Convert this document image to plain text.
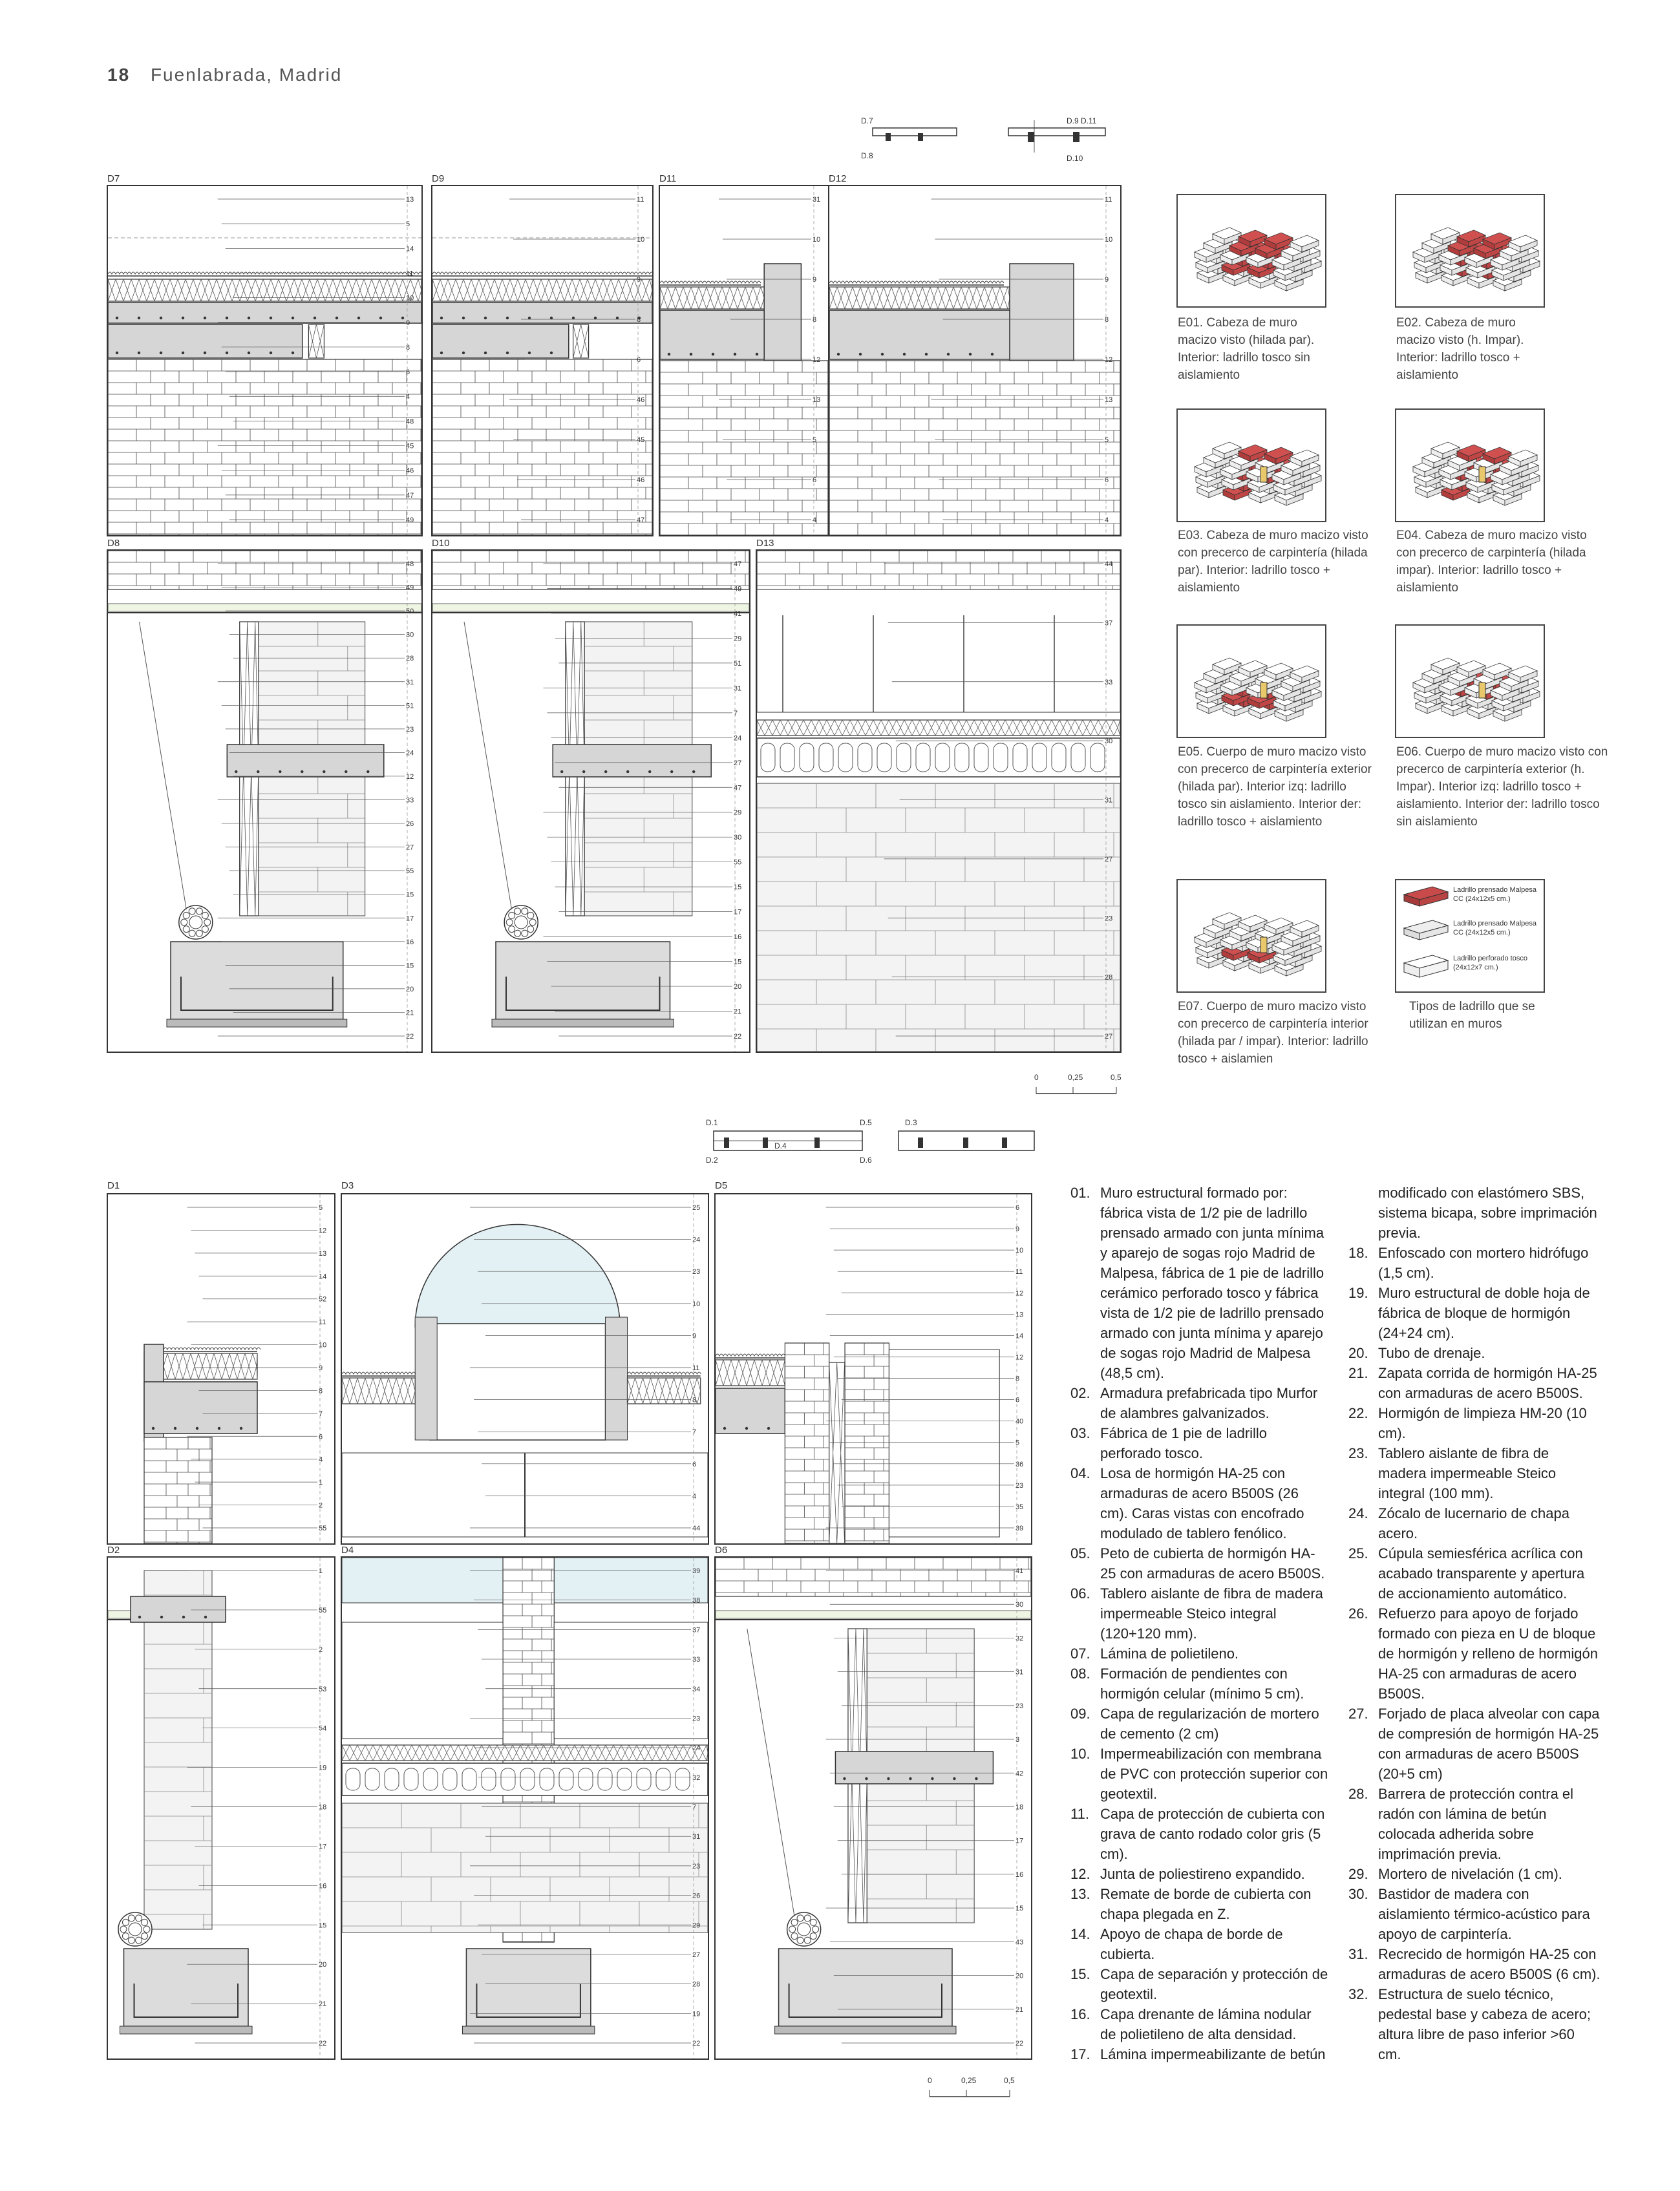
18 Fuenlabrada, Madrid
D.7
D.8
D.9 D.11
D.10
D7	D9	D11	D12
13
5
14
11
10
9
8
6
4
48
45
46
47
49
11
10
9
8
6
46
45
46
47
31
10
9
8
12
13
5
6
4
11
10
9
8
12
13
5
6
4
D8	D10	D13
48
49
50
30
28
31
51
23
24
12
33
26
27
55
15
17
16
15
20
21
22
47
49
41
29
51
31
7
24
27
47
29
30
55
15
17
16
15
20
21
22
44
37
33
30
31
27
23
28
27
E01. Cabeza de muro macizo visto (hilada par). Interior: ladrillo tosco sin aislamiento
E02. Cabeza de muro macizo visto (h. Impar). Interior: ladrillo tosco + aislamiento
E03. Cabeza de muro macizo visto con precerco de carpintería (hilada par). Interior: ladrillo tosco + aislamiento
E04. Cabeza de muro macizo visto con precerco de carpintería (hilada impar). Interior: ladrillo tosco + aislamiento
E05. Cuerpo de muro macizo visto con precerco de carpintería exterior (hilada par). Interior izq: ladrillo tosco sin aislamiento. Interior der: ladrillo tosco + aislamiento
E06. Cuerpo de muro macizo visto con precerco de carpintería exterior (h. Impar). Interior izq: ladrillo tosco + aislamiento. Interior der: ladrillo tosco sin aislamiento
E07. Cuerpo de muro macizo visto con precerco de carpintería interior (hilada par / impar). Interior: ladrillo tosco + aislamien
Ladrillo prensado Malpesa CC (24x12x5 cm.)
Ladrillo prensado Malpesa CC (24x12x5 cm.)
Ladrillo perforado tosco (24x12x7 cm.)
Tipos de ladrillo que se utilizan en muros
0	0,25	0,5
D.1
D.2
D.4
D.5	D.3
D.6
D1	D3	D5
5
12
13
14
52
11
10
9
8
7
6
4
1
2
55
25
24
23
10
9
11
8
7
6
4
44
6
9
10
11
12
13
14
12
8
6
40
5
36
23
35
39
D2	D4	D6
1
55
2
53
54
19
18
17
16
15
20
21
22
39
38
37
33
34
23
24
32
7
31
23
26
29
27
28
19
22
41
30
32
31
23
3
42
18
17
16
15
43
20
21
22
0	0,25	0,5
01. Muro estructural formado por: fábrica vista de 1/2 pie de ladrillo prensado armado con junta mínima y aparejo de sogas rojo Madrid de Malpesa, fábrica de 1 pie de ladrillo cerámico perforado tosco y fábrica vista de 1/2 pie de ladrillo prensado armado con junta mínima y aparejo de sogas rojo Madrid de Malpesa (48,5 cm).
02. Armadura prefabricada tipo Murfor de alambres galvanizados.
03. Fábrica de 1 pie de ladrillo perforado tosco.
04. Losa de hormigón HA-25 con armaduras de acero B500S (26 cm). Caras vistas con encofrado modulado de tablero fenólico.
05. Peto de cubierta de hormigón HA-25 con armaduras de acero B500S.
06. Tablero aislante de fibra de madera impermeable Steico integral (120+120 mm).
07. Lámina de polietileno.
08. Formación de pendientes con hormigón celular (mínimo 5 cm).
09. Capa de regularización de mortero de cemento (2 cm)
10. Impermeabilización con membrana de PVC con protección superior con geotextil.
11. Capa de protección de cubierta con grava de canto rodado color gris (5 cm).
12. Junta de poliestireno expandido.
13. Remate de borde de cubierta con chapa plegada en Z.
14. Apoyo de chapa de borde de cubierta.
15. Capa de separación y protección de geotextil.
16. Capa drenante de lámina nodular de polietileno de alta densidad.
17. Lámina impermeabilizante de betún
modificado con elastómero SBS, sistema bicapa, sobre imprimación previa.
18. Enfoscado con mortero hidrófugo (1,5 cm).
19. Muro estructural de doble hoja de fábrica de bloque de hormigón (24+24 cm).
20. Tubo de drenaje.
21. Zapata corrida de hormigón HA-25 con armaduras de acero B500S.
22. Hormigón de limpieza HM-20 (10 cm).
23. Tablero aislante de fibra de madera impermeable Steico integral (100 mm).
24. Zócalo de lucernario de chapa acero.
25. Cúpula semiesférica acrílica con acabado transparente y apertura de accionamiento automático.
26. Refuerzo para apoyo de forjado formado con pieza en U de bloque de hormigón y relleno de hormigón HA-25 con armaduras de acero B500S.
27. Forjado de placa alveolar con capa de compresión de hormigón HA-25 con armaduras de acero B500S (20+5 cm)
28. Barrera de protección contra el radón con lámina de betún colocada adherida sobre imprimación previa.
29. Mortero de nivelación (1 cm).
30. Bastidor de madera con aislamiento térmico-acústico para apoyo de carpintería.
31. Recrecido de hormigón HA-25 con armaduras de acero B500S (6 cm).
32. Estructura de suelo técnico, pedestal base y cabeza de acero; altura libre de paso inferior >60 cm.
